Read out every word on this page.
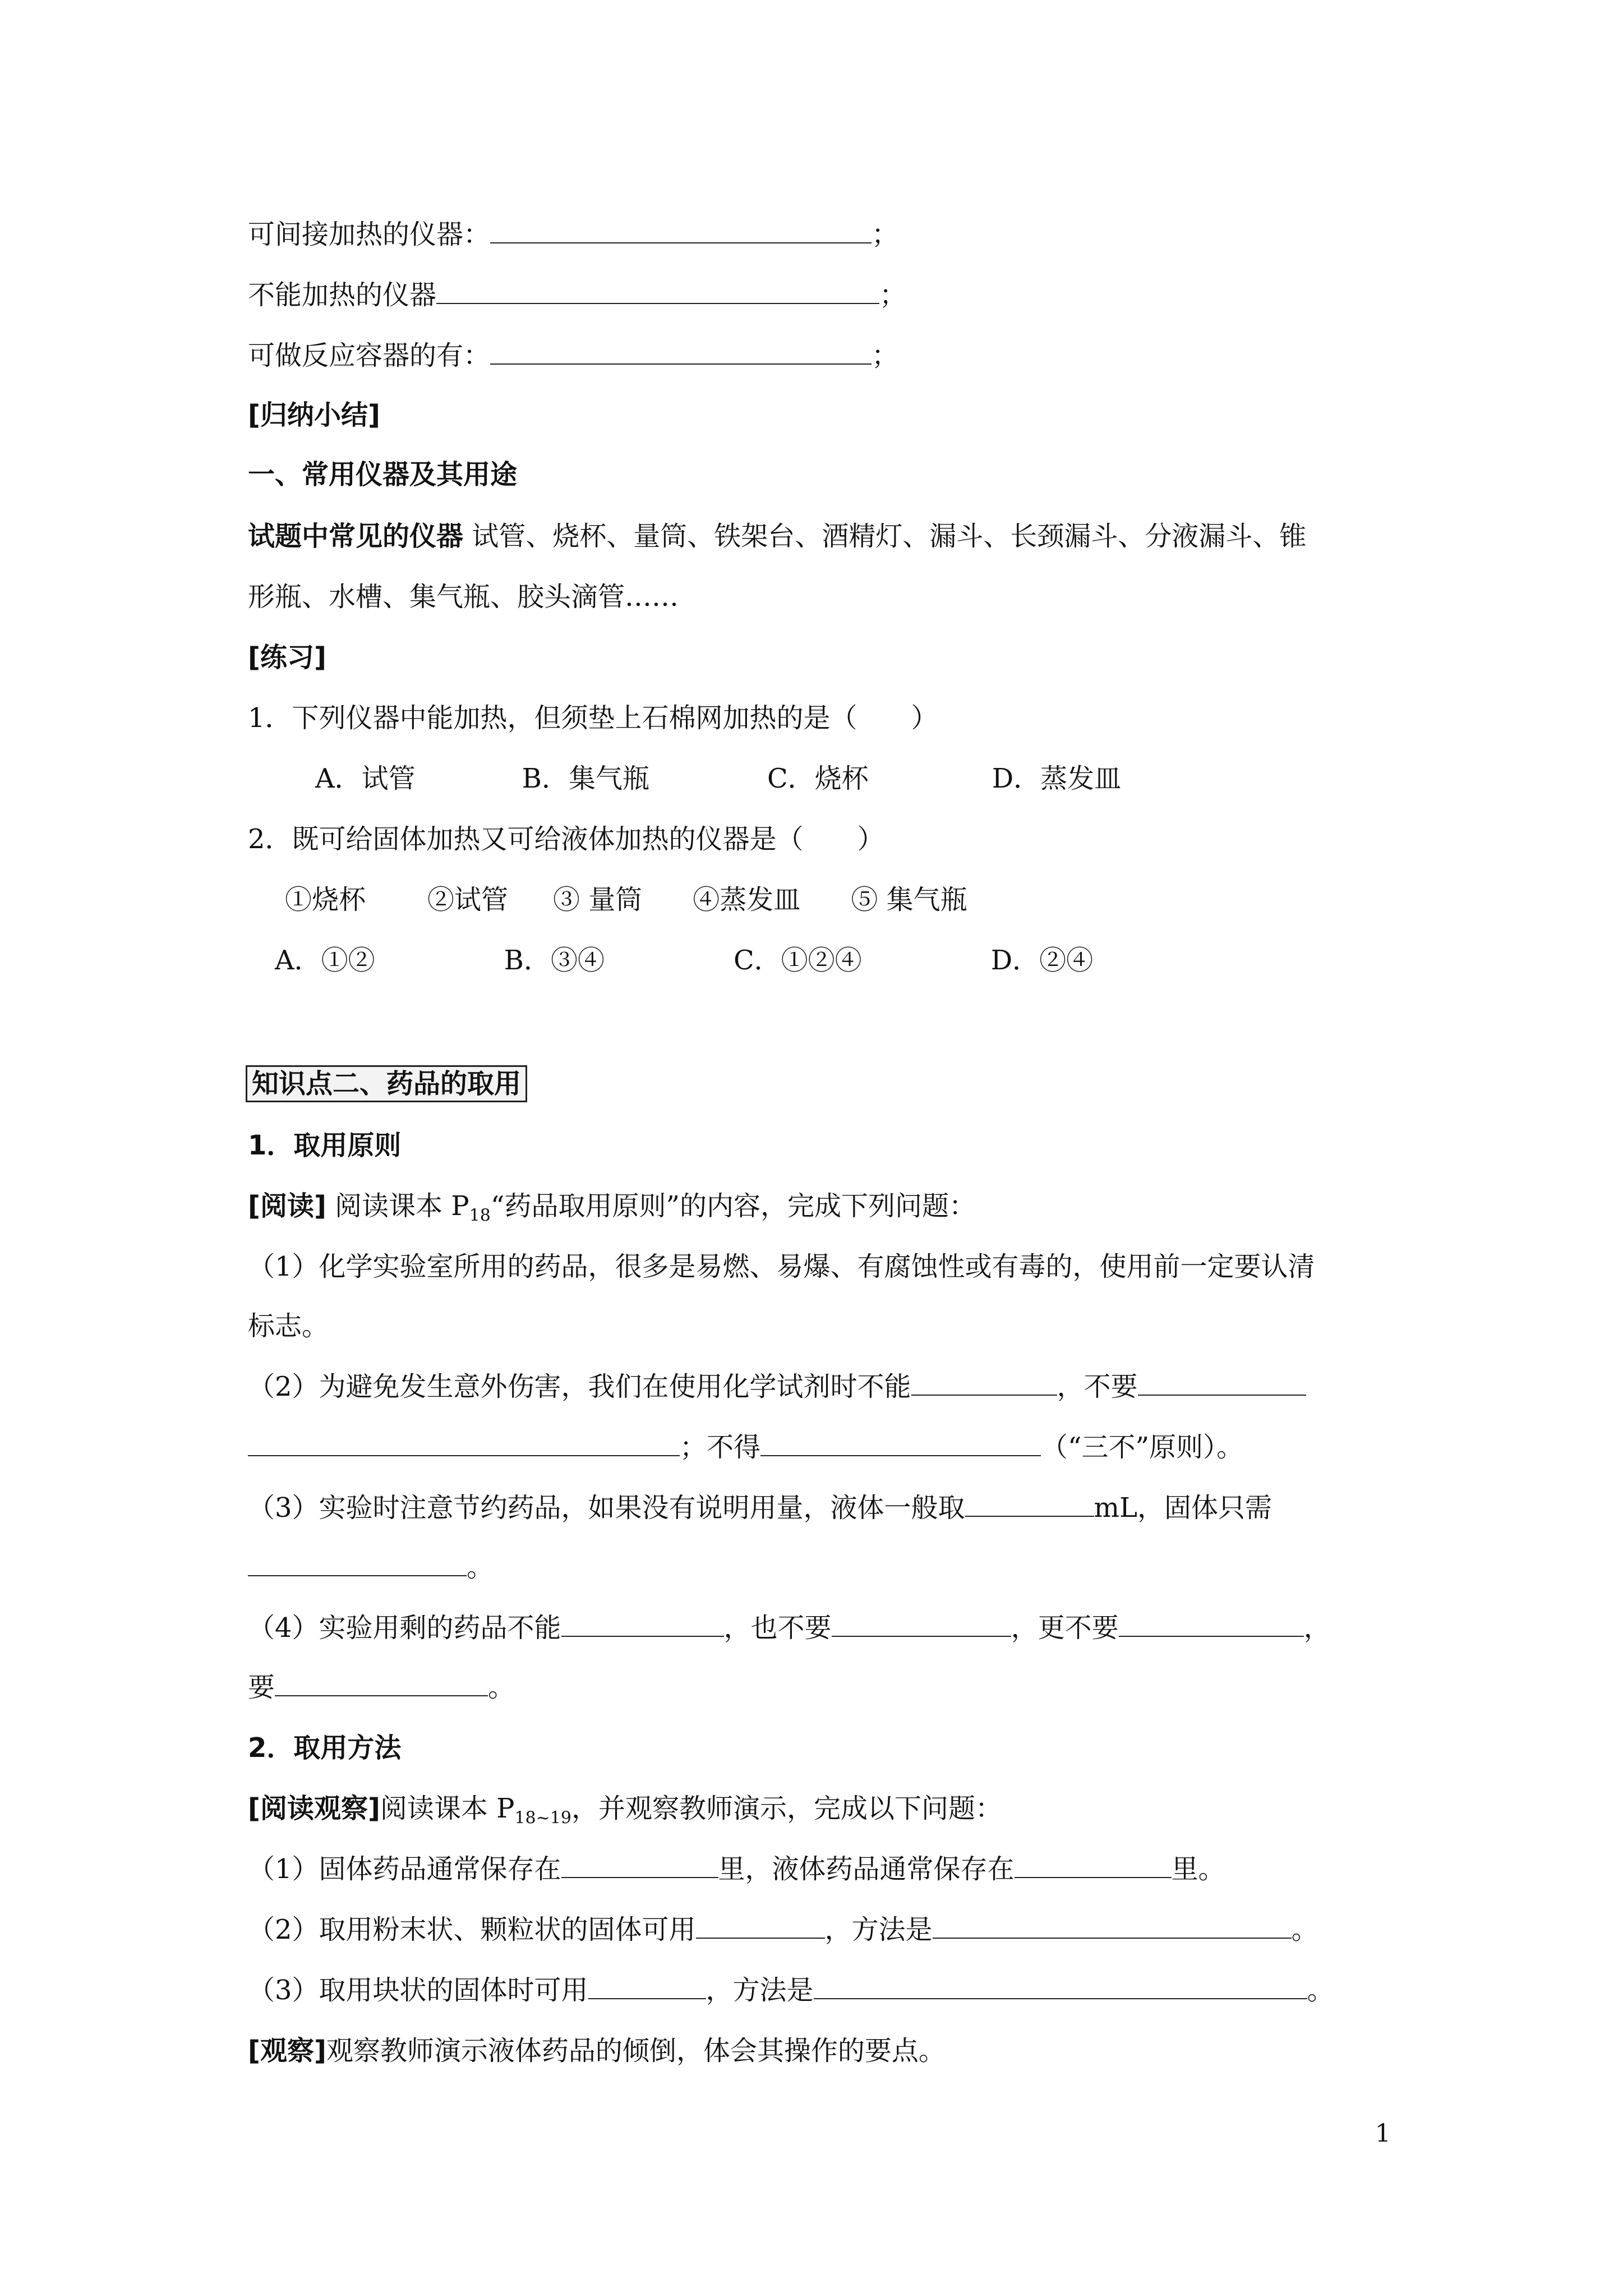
可间接加热的仪器：	；
不能加热的仪器	；
可做反应容器的有：	；
[归纳小结]
一、常用仪器及其用途
试题中常见的仪器 试管、烧杯、量筒、铁架台、酒精灯、漏斗、长颈漏斗、分液漏斗、锥
形瓶、水槽、集气瓶、胶头滴管……
[练习]
1．下列仪器中能加热，但须垫上石棉网加热的是（　　）
A．试管	B．集气瓶	C．烧杯	D．蒸发皿
2．既可给固体加热又可给液体加热的仪器是（　　）
①烧杯 ②试管 ③ 量筒 ④蒸发皿 ⑤ 集气瓶
A．①②	B．③④	C．①②④	D．②④
知识点二、药品的取用
1．取用原则
[阅读] 阅读课本 $P_{18}“$药品取用原则”的内容，完成下列问题：
（1）化学实验室所用的药品，很多是易燃、易爆、有腐蚀性或有毒的，使用前一定要认清
标志。
（2）为避免发生意外伤害，我们在使用化学试剂时不能	，不要
；不得	（“三不”原则）。
（3）实验时注意节约药品，如果没有说明用量，液体一般取	mL，固体只需
。
（4）实验用剩的药品不能	，也不要	，更不要	，
要	。
2．取用方法
[阅读观察]阅读课本 $P_{18\sim 19}$，并观察教师演示，完成以下问题：
（1）固体药品通常保存在	里，液体药品通常保存在	里。
（2）取用粉末状、颗粒状的固体可用	，方法是	。
（3）取用块状的固体时可用	，方法是	。
[观察]观察教师演示液体药品的倾倒，体会其操作的要点。
1
